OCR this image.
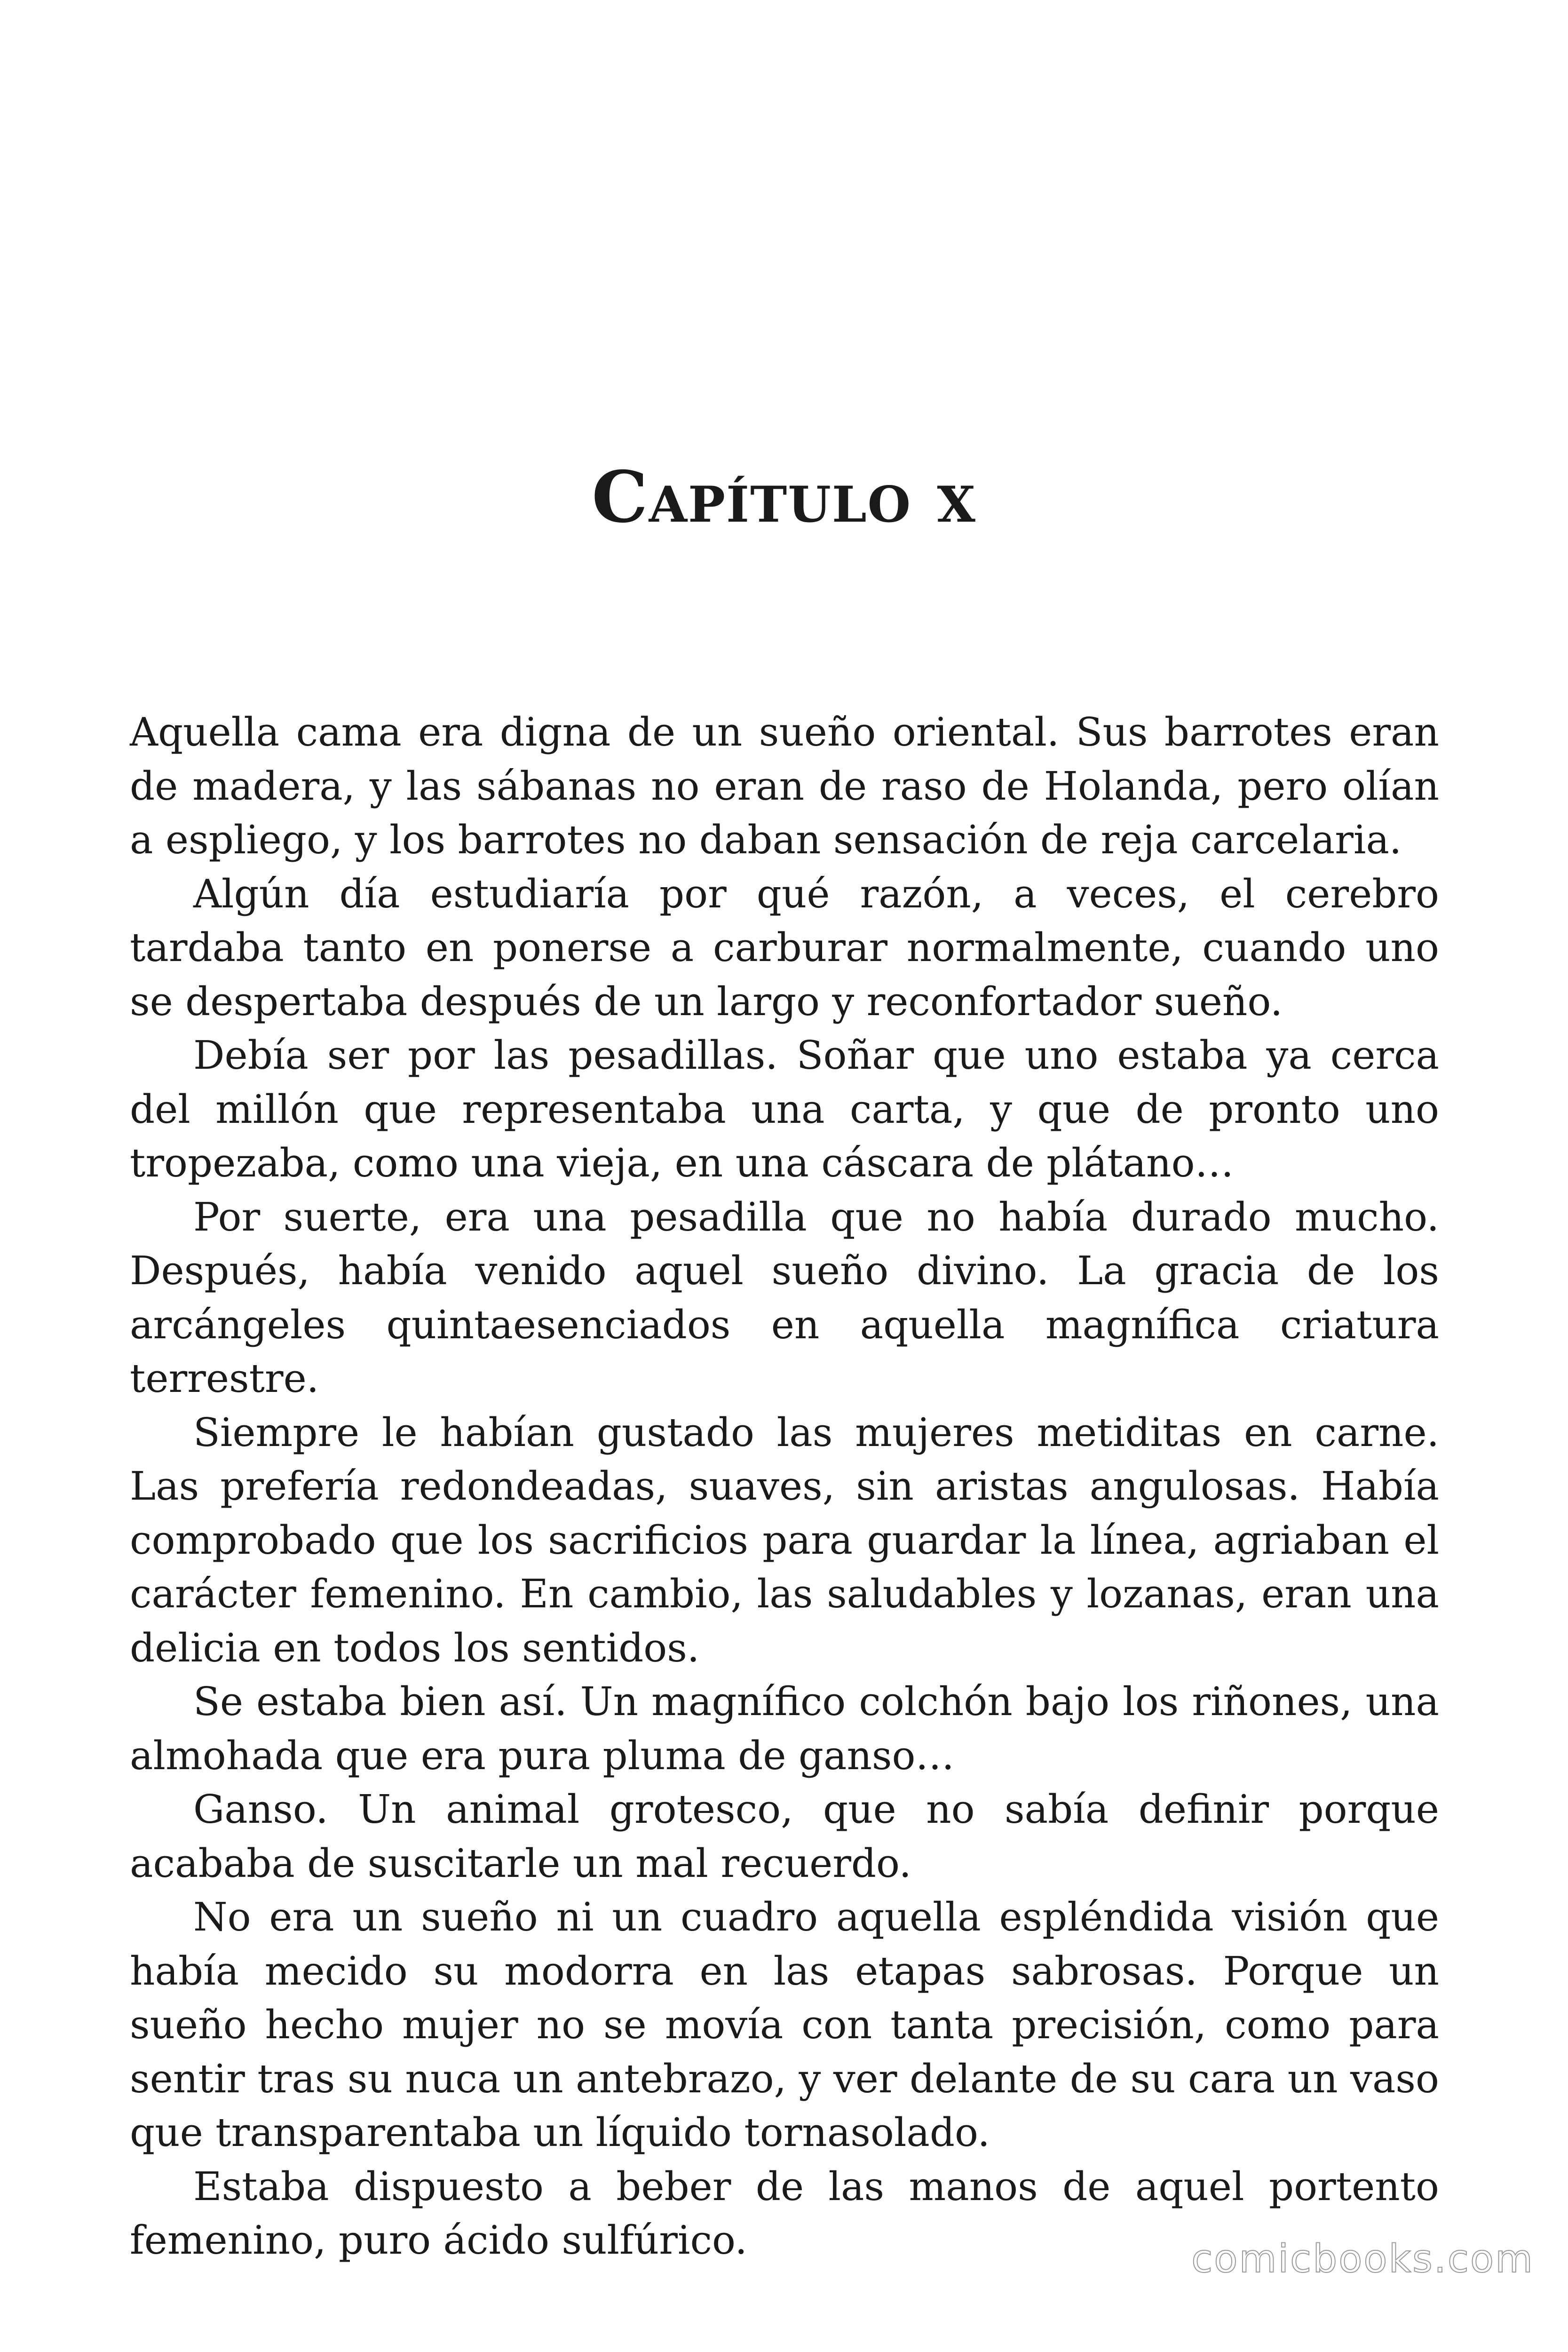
Capítulo x

Aquella cama era digna de un sueño oriental. Sus barrotes eran de madera, y las sábanas no eran de raso de Holanda, pero olían a espliego, y los barrotes no daban sensación de reja carcelaria.

Algún día estudiaría por qué razón, a veces, el cerebro tardaba tanto en ponerse a carburar normalmente, cuando uno se despertaba después de un largo y reconfortador sueño.

Debía ser por las pesadillas. Soñar que uno estaba ya cerca del millón que representaba una carta, y que de pronto uno tropezaba, como una vieja, en una cáscara de plátano…

Por suerte, era una pesadilla que no había durado mucho. Después, había venido aquel sueño divino. La gracia de los arcángeles quintaesenciados en aquella magnífica criatura terrestre.

Siempre le habían gustado las mujeres metiditas en carne. Las prefería redondeadas, suaves, sin aristas angulosas. Había comprobado que los sacrificios para guardar la línea, agriaban el carácter femenino. En cambio, las saludables y lozanas, eran una delicia en todos los sentidos.

Se estaba bien así. Un magnífico colchón bajo los riñones, una almohada que era pura pluma de ganso…

Ganso. Un animal grotesco, que no sabía definir porque acababa de suscitarle un mal recuerdo.

No era un sueño ni un cuadro aquella espléndida visión que había mecido su modorra en las etapas sabrosas. Porque un sueño hecho mujer no se movía con tanta precisión, como para sentir tras su nuca un antebrazo, y ver delante de su cara un vaso que transparentaba un líquido tornasolado.

Estaba dispuesto a beber de las manos de aquel portento femenino, puro ácido sulfúrico.	comicbooks.com
